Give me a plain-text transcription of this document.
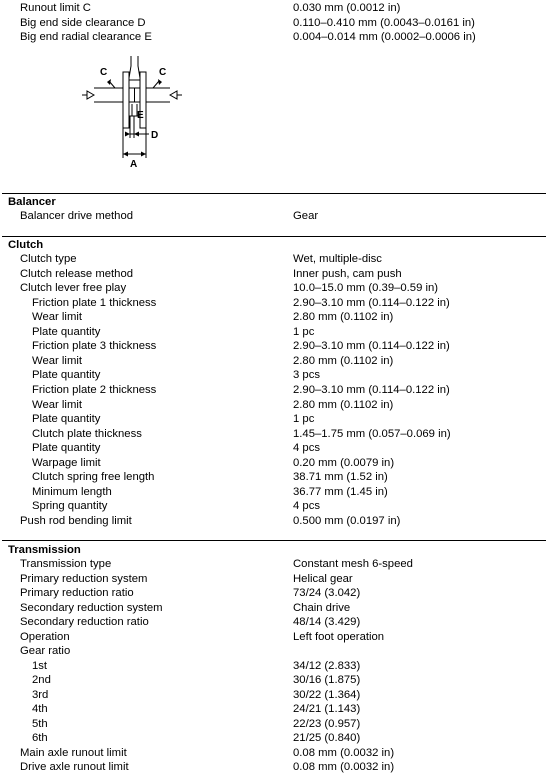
Runout limit C	0.030 mm (0.0012 in)
Big end side clearance D	0.110–0.410 mm (0.0043–0.0161 in)
Big end radial clearance E	0.004–0.014 mm (0.0002–0.0006 in)
C	C
E
D
A
Balancer
Balancer drive method	Gear
Clutch
Clutch type	Wet, multiple-disc
Clutch release method	Inner push, cam push
Clutch lever free play	10.0–15.0 mm (0.39–0.59 in)
Friction plate 1 thickness	2.90–3.10 mm (0.114–0.122 in)
Wear limit	2.80 mm (0.1102 in)
Plate quantity	1 pc
Friction plate 3 thickness	2.90–3.10 mm (0.114–0.122 in)
Wear limit	2.80 mm (0.1102 in)
Plate quantity	3 pcs
Friction plate 2 thickness	2.90–3.10 mm (0.114–0.122 in)
Wear limit	2.80 mm (0.1102 in)
Plate quantity	1 pc
Clutch plate thickness	1.45–1.75 mm (0.057–0.069 in)
Plate quantity	4 pcs
Warpage limit	0.20 mm (0.0079 in)
Clutch spring free length	38.71 mm (1.52 in)
Minimum length	36.77 mm (1.45 in)
Spring quantity	4 pcs
Push rod bending limit	0.500 mm (0.0197 in)
Transmission
Transmission type	Constant mesh 6-speed
Primary reduction system	Helical gear
Primary reduction ratio	73/24 (3.042)
Secondary reduction system	Chain drive
Secondary reduction ratio	48/14 (3.429)
Operation	Left foot operation
Gear ratio
1st	34/12 (2.833)
2nd	30/16 (1.875)
3rd	30/22 (1.364)
4th	24/21 (1.143)
5th	22/23 (0.957)
6th	21/25 (0.840)
Main axle runout limit	0.08 mm (0.0032 in)
Drive axle runout limit	0.08 mm (0.0032 in)
